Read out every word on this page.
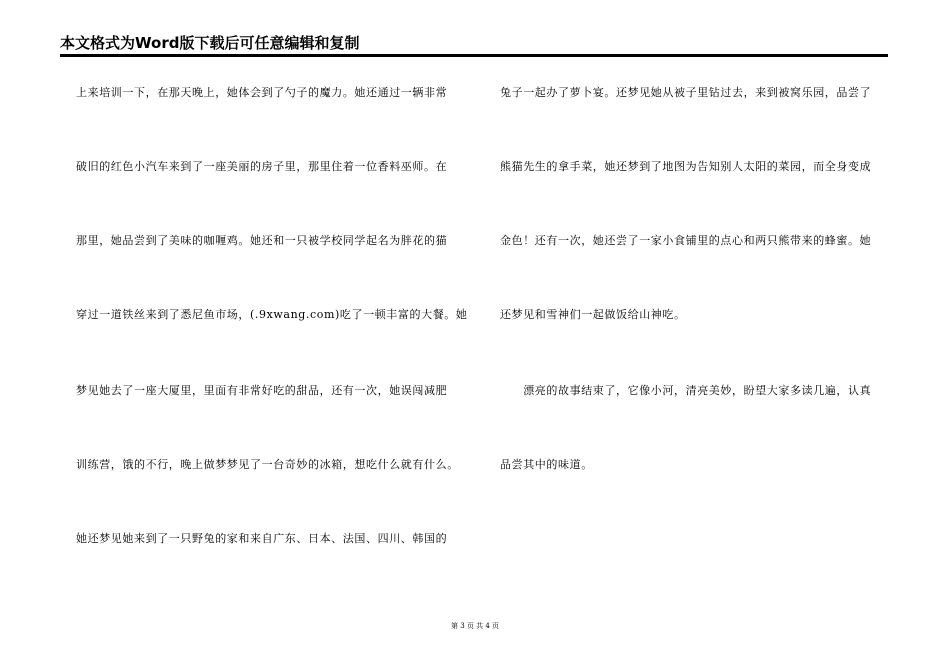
本文格式为Word版下载后可任意编辑和复制
上来培训一下，在那天晚上，她体会到了勺子的魔力。她还通过一辆非常
破旧的红色小汽车来到了一座美丽的房子里，那里住着一位香料巫师。在
那里，她品尝到了美味的咖喱鸡。她还和一只被学校同学起名为胖花的猫
穿过一道铁丝来到了悉尼鱼市场，(.9xwang.com)吃了一顿丰富的大餐。她
梦见她去了一座大厦里，里面有非常好吃的甜品，还有一次，她误闯减肥
训练营，饿的不行，晚上做梦梦见了一台奇妙的冰箱，想吃什么就有什么。
她还梦见她来到了一只野兔的家和来自广东、日本、法国、四川、韩国的
兔子一起办了萝卜宴。还梦见她从被子里钻过去，来到被窝乐园，品尝了
熊猫先生的拿手菜，她还梦到了地图为告知别人太阳的菜园，而全身变成
金色！还有一次，她还尝了一家小食铺里的点心和两只熊带来的蜂蜜。她
还梦见和雪神们一起做饭给山神吃。
　　漂亮的故事结束了，它像小河，清亮美妙，盼望大家多读几遍，认真
品尝其中的味道。
第 3 页 共 4 页
